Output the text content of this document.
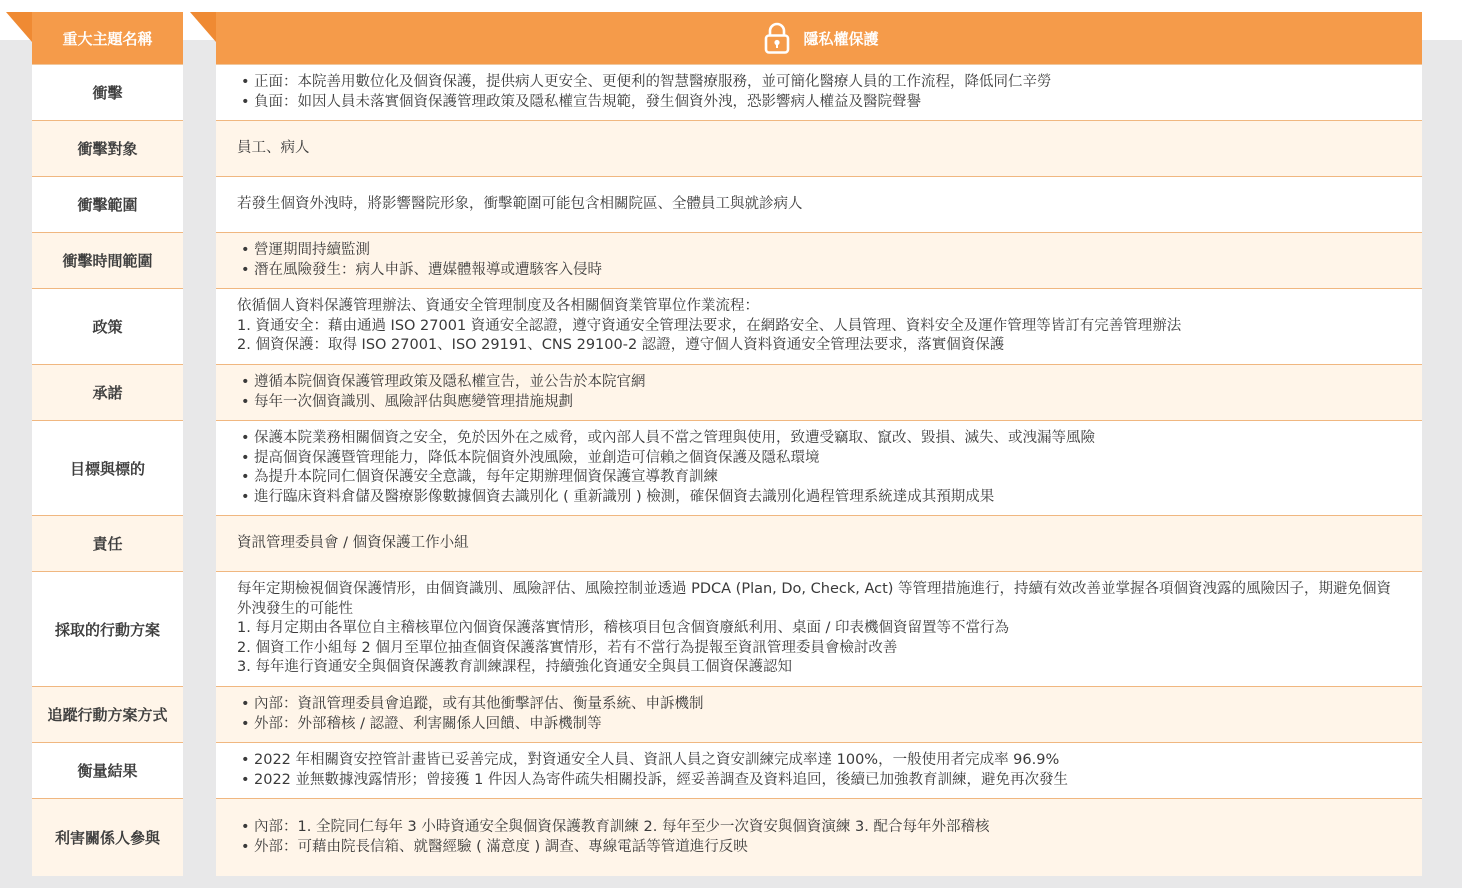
重大主題名稱
衝擊
衝擊對象
衝擊範圍
衝擊時間範圍
政策
承諾
目標與標的
責任
採取的行動方案
追蹤行動方案方式
衡量結果
利害關係人參與
隱私權保護
• 正面：本院善用數位化及個資保護，提供病人更安全、更便利的智慧醫療服務，並可簡化醫療人員的工作流程，降低同仁辛勞
• 負面：如因人員未落實個資保護管理政策及隱私權宣告規範，發生個資外洩，恐影響病人權益及醫院聲譽
員工、病人
若發生個資外洩時，將影響醫院形象，衝擊範圍可能包含相關院區、全體員工與就診病人
• 營運期間持續監測
• 潛在風險發生：病人申訴、遭媒體報導或遭駭客入侵時
依循個人資料保護管理辦法、資通安全管理制度及各相關個資業管單位作業流程：
1. 資通安全：藉由通過 ISO 27001 資通安全認證，遵守資通安全管理法要求，在網路安全、人員管理、資料安全及運作管理等皆訂有完善管理辦法
2. 個資保護：取得 ISO 27001、ISO 29191、CNS 29100-2 認證，遵守個人資料資通安全管理法要求，落實個資保護
• 遵循本院個資保護管理政策及隱私權宣告，並公告於本院官網
• 每年一次個資識別、風險評估與應變管理措施規劃
• 保護本院業務相關個資之安全，免於因外在之威脅，或內部人員不當之管理與使用，致遭受竊取、竄改、毀損、滅失、或洩漏等風險
• 提高個資保護暨管理能力，降低本院個資外洩風險，並創造可信賴之個資保護及隱私環境
• 為提升本院同仁個資保護安全意識，每年定期辦理個資保護宣導教育訓練
• 進行臨床資料倉儲及醫療影像數據個資去識別化 ( 重新識別 ) 檢測，確保個資去識別化過程管理系統達成其預期成果
資訊管理委員會 / 個資保護工作小組
每年定期檢視個資保護情形，由個資識別、風險評估、風險控制並透過 PDCA (Plan, Do, Check, Act) 等管理措施進行，持續有效改善並掌握各項個資洩露的風險因子，期避免個資外洩發生的可能性
1. 每月定期由各單位自主稽核單位內個資保護落實情形，稽核項目包含個資廢紙利用、桌面 / 印表機個資留置等不當行為
2. 個資工作小組每 2 個月至單位抽查個資保護落實情形，若有不當行為提報至資訊管理委員會檢討改善
3. 每年進行資通安全與個資保護教育訓練課程，持續強化資通安全與員工個資保護認知
• 內部：資訊管理委員會追蹤，或有其他衝擊評估、衡量系統、申訴機制
• 外部：外部稽核 / 認證、利害關係人回饋、申訴機制等
• 2022 年相關資安控管計畫皆已妥善完成，對資通安全人員、資訊人員之資安訓練完成率達 100%，一般使用者完成率 96.9%
• 2022 並無數據洩露情形；曾接獲 1 件因人為寄件疏失相關投訴，經妥善調查及資料追回，後續已加強教育訓練，避免再次發生
• 內部：1. 全院同仁每年 3 小時資通安全與個資保護教育訓練 2. 每年至少一次資安與個資演練 3. 配合每年外部稽核
• 外部：可藉由院長信箱、就醫經驗 ( 滿意度 ) 調查、專線電話等管道進行反映
